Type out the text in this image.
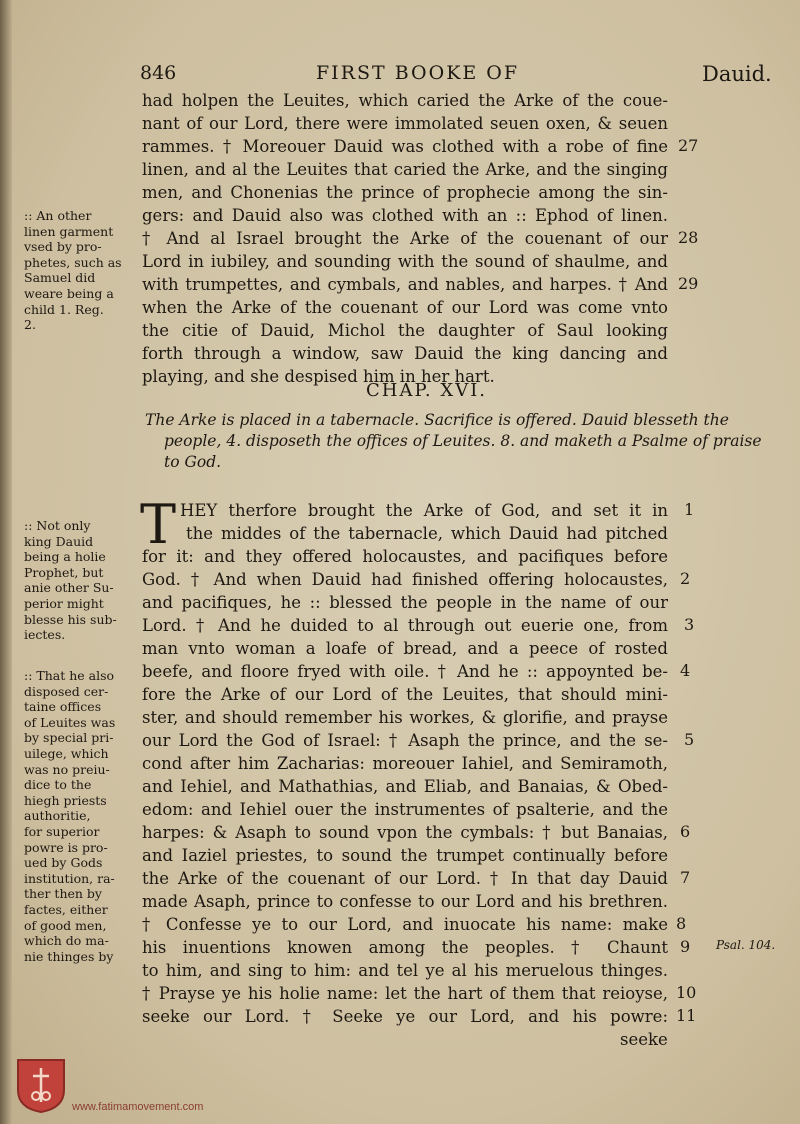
846	FIRST BOOKE OF	Dauid.
had holpen the Leuites, which caried the Arke of the coue-
nant of our Lord, there were immolated seuen oxen, & seuen
rammes. † Moreouer Dauid was clothed with a robe of fine
linen, and al the Leuites that caried the Arke, and the singing
men, and Chonenias the prince of prophecie among the sin-
gers: and Dauid also was clothed with an :: Ephod of linen.
† And al Israel brought the Arke of the couenant of our
Lord in iubiley, and sounding with the sound of shaulme, and
with trumpettes, and cymbals, and nables, and harpes. † And
when the Arke of the couenant of our Lord was come vnto
the citie of Dauid, Michol the daughter of Saul looking
forth through a window, saw Dauid the king dancing and
playing, and she despised him in her hart.
27
28
29
:: An other
linen garment
vsed by pro-
phetes, such as
Samuel did
weare being a
child 1. Reg.
2.
CHAP. XVI.
The Arke is placed in a tabernacle. Sacrifice is offered. Dauid blesseth the
people, 4. disposeth the offices of Leuites. 8. and maketh a Psalme of praise
to God.
T HEY therfore brought the Arke of God, and set it in
the middes of the tabernacle, which Dauid had pitched
for it: and they offered holocaustes, and pacifiques before
God. † And when Dauid had finished offering holocaustes,
and pacifiques, he :: blessed the people in the name of our
Lord. † And he duided to al through out euerie one, from
man vnto woman a loafe of bread, and a peece of rosted
beefe, and floore fryed with oile. † And he :: appoynted be-
fore the Arke of our Lord of the Leuites, that should mini-
ster, and should remember his workes, & glorifie, and prayse
our Lord the God of Israel: † Asaph the prince, and the se-
cond after him Zacharias: moreouer Iahiel, and Semiramoth,
and Iehiel, and Mathathias, and Eliab, and Banaias, & Obed-
edom: and Iehiel ouer the instrumentes of psalterie, and the
harpes: & Asaph to sound vpon the cymbals: † but Banaias,
and Iaziel priestes, to sound the trumpet continually before
the Arke of the couenant of our Lord. † In that day Dauid
made Asaph, prince to confesse to our Lord and his brethren.
† Confesse ye to our Lord, and inuocate his name: make
his inuentions knowen among the peoples. † Chaunt
to him, and sing to him: and tel ye al his meruelous thinges.
† Prayse ye his holie name: let the hart of them that reioyse,
seeke our Lord. † Seeke ye our Lord, and his powre:
seeke
1
2
3
4
5
6
7
8
9
10
11
Psal. 104.
:: Not only
king Dauid
being a holie
Prophet, but
anie other Su-
perior might
blesse his sub-
iectes.
:: That he also
disposed cer-
taine offices
of Leuites was
by special pri-
uilege, which
was no preiu-
dice to the
hiegh priests
authoritie,
for superior
powre is pro-
ued by Gods
institution, ra-
ther then by
factes, either
of good men,
which do ma-
nie thinges by
www.fatimamovement.com
